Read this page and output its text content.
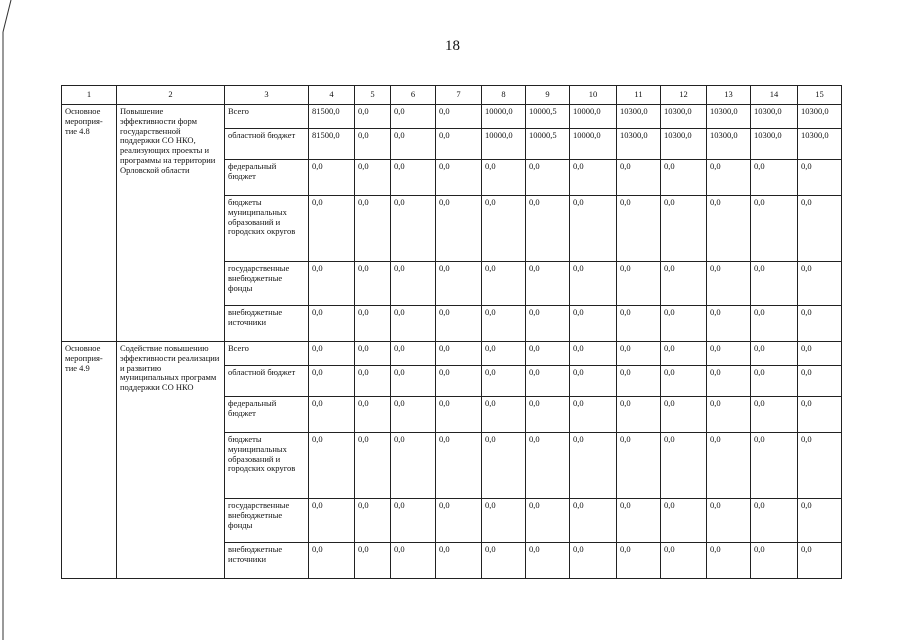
18
1	2	3	4	5	6	7	8	9	10	11	12	13	14	15
Основное мероприя-тие 4.8	Повышение эффективности форм государственной поддержки СО НКО, реализующих проекты и программы на территории Орловской области	Всего	81500,0	0,0	0,0	0,0	10000,0	10000,5	10000,0	10300,0	10300,0	10300,0	10300,0	10300,0
		областной бюджет	81500,0	0,0	0,0	0,0	10000,0	10000,5	10000,0	10300,0	10300,0	10300,0	10300,0	10300,0
		федеральный бюджет	0,0	0,0	0,0	0,0	0,0	0,0	0,0	0,0	0,0	0,0	0,0	0,0
		бюджеты муниципальных образований и городских округов	0,0	0,0	0,0	0,0	0,0	0,0	0,0	0,0	0,0	0,0	0,0	0,0
		государственные внебюджетные фонды	0,0	0,0	0,0	0,0	0,0	0,0	0,0	0,0	0,0	0,0	0,0	0,0
		внебюджетные источники	0,0	0,0	0,0	0,0	0,0	0,0	0,0	0,0	0,0	0,0	0,0	0,0
Основное мероприя-тие 4.9	Содействие повышению эффективности реализации и развитию муниципальных программ поддержки СО НКО	Всего	0,0	0,0	0,0	0,0	0,0	0,0	0,0	0,0	0,0	0,0	0,0	0,0
		областной бюджет	0,0	0,0	0,0	0,0	0,0	0,0	0,0	0,0	0,0	0,0	0,0	0,0
		федеральный бюджет	0,0	0,0	0,0	0,0	0,0	0,0	0,0	0,0	0,0	0,0	0,0	0,0
		бюджеты муниципальных образований и городских округов	0,0	0,0	0,0	0,0	0,0	0,0	0,0	0,0	0,0	0,0	0,0	0,0
		государственные внебюджетные фонды	0,0	0,0	0,0	0,0	0,0	0,0	0,0	0,0	0,0	0,0	0,0	0,0
		внебюджетные источники	0,0	0,0	0,0	0,0	0,0	0,0	0,0	0,0	0,0	0,0	0,0	0,0
